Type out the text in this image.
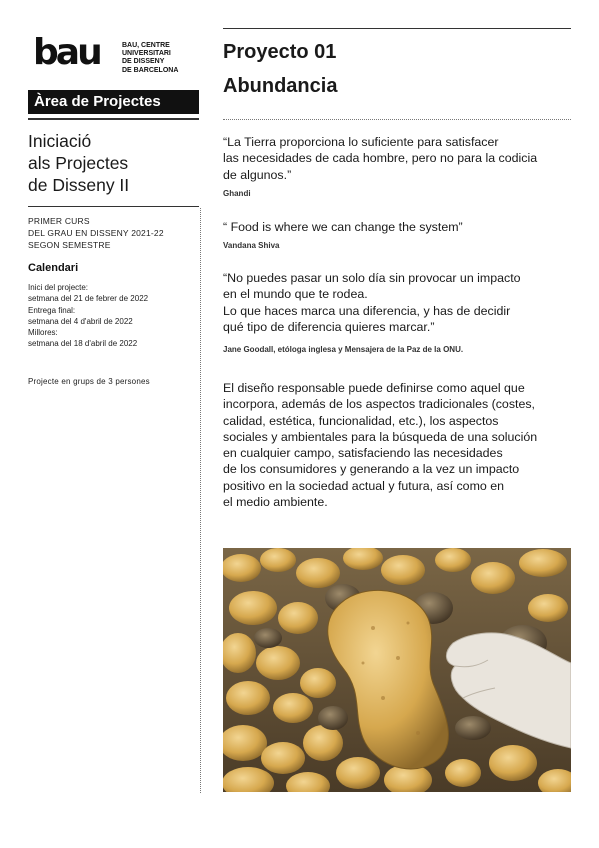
bau	BAU, CENTRE
UNIVERSITARI
DE DISSENY
DE BARCELONA
Àrea de Projectes
Iniciació
als Projectes
de Disseny II
PRIMER CURS
DEL GRAU EN DISSENY 2021-22
SEGON SEMESTRE
Calendari
Inici del projecte:
setmana del 21 de febrer de 2022
Entrega final:
setmana del 4 d'abril de 2022
Millores:
setmana del 18 d'abril de 2022
Projecte en grups de 3 persones
Proyecto 01
Abundancia
“La Tierra proporciona lo suficiente para satisfacer
las necesidades de cada hombre, pero no para la codicia
de algunos.”
Ghandi
“ Food is where we can change the system”
Vandana Shiva
“No puedes pasar un solo día sin provocar un impacto
en el mundo que te rodea.
Lo que haces marca una diferencia, y has de decidir
qué tipo de diferencia quieres marcar.”
Jane Goodall, etóloga inglesa y Mensajera de la Paz de la ONU.
El diseño responsable puede definirse como aquel que
incorpora, además de los aspectos tradicionales (costes,
calidad, estética, funcionalidad, etc.), los aspectos
sociales y ambientales para la búsqueda de una solución
en cualquier campo, satisfaciendo las necesidades
de los consumidores y generando a la vez un impacto
positivo en la sociedad actual y futura, así como en
el medio ambiente.
